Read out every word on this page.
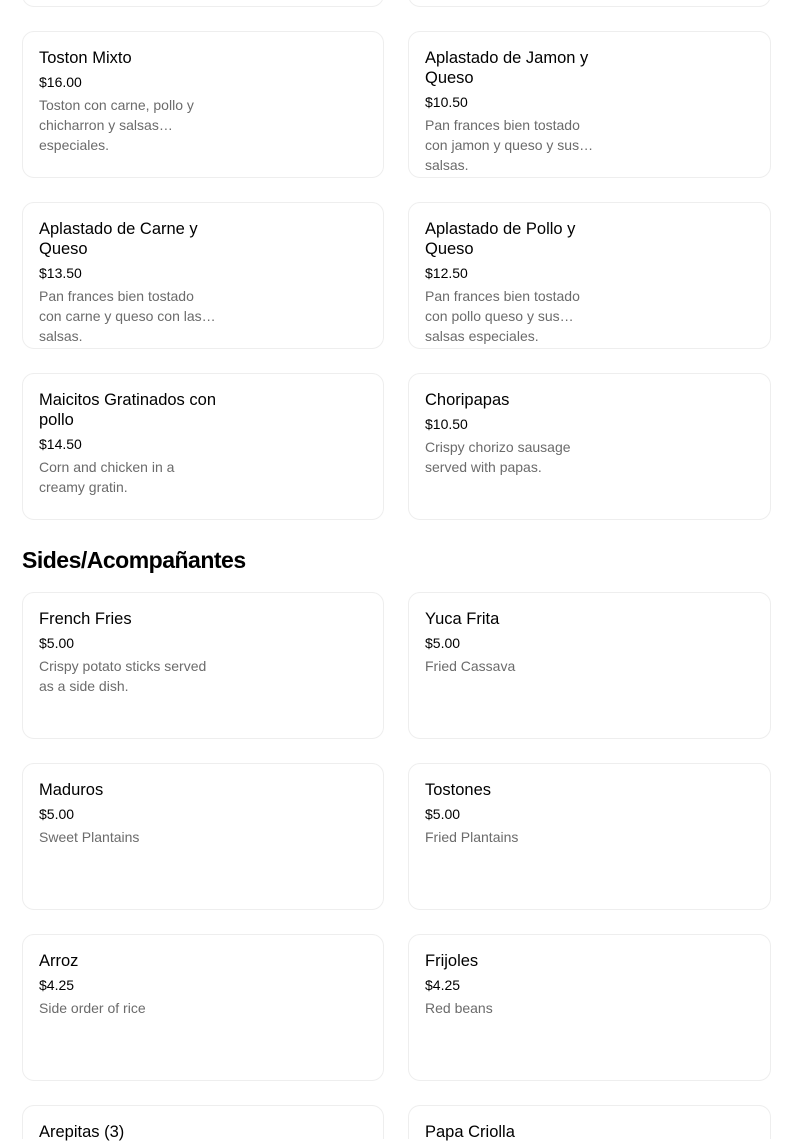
Toston Mixto
$16.00
Toston con carne, pollo y chicharron y salsas especiales.
Aplastado de Jamon y Queso
$10.50
Pan frances bien tostado con jamon y queso y sus salsas.
Aplastado de Carne y Queso
$13.50
Pan frances bien tostado con carne y queso con las salsas.
Aplastado de Pollo y Queso
$12.50
Pan frances bien tostado con pollo queso y sus salsas especiales.
Maicitos Gratinados con pollo
$14.50
Corn and chicken in a creamy gratin.
Choripapas
$10.50
Crispy chorizo sausage served with papas.
Sides/Acompañantes
French Fries
$5.00
Crispy potato sticks served as a side dish.
Yuca Frita
$5.00
Fried Cassava
Maduros
$5.00
Sweet Plantains
Tostones
$5.00
Fried Plantains
Arroz
$4.25
Side order of rice
Frijoles
$4.25
Red beans
Arepitas (3)	Papa Criolla
